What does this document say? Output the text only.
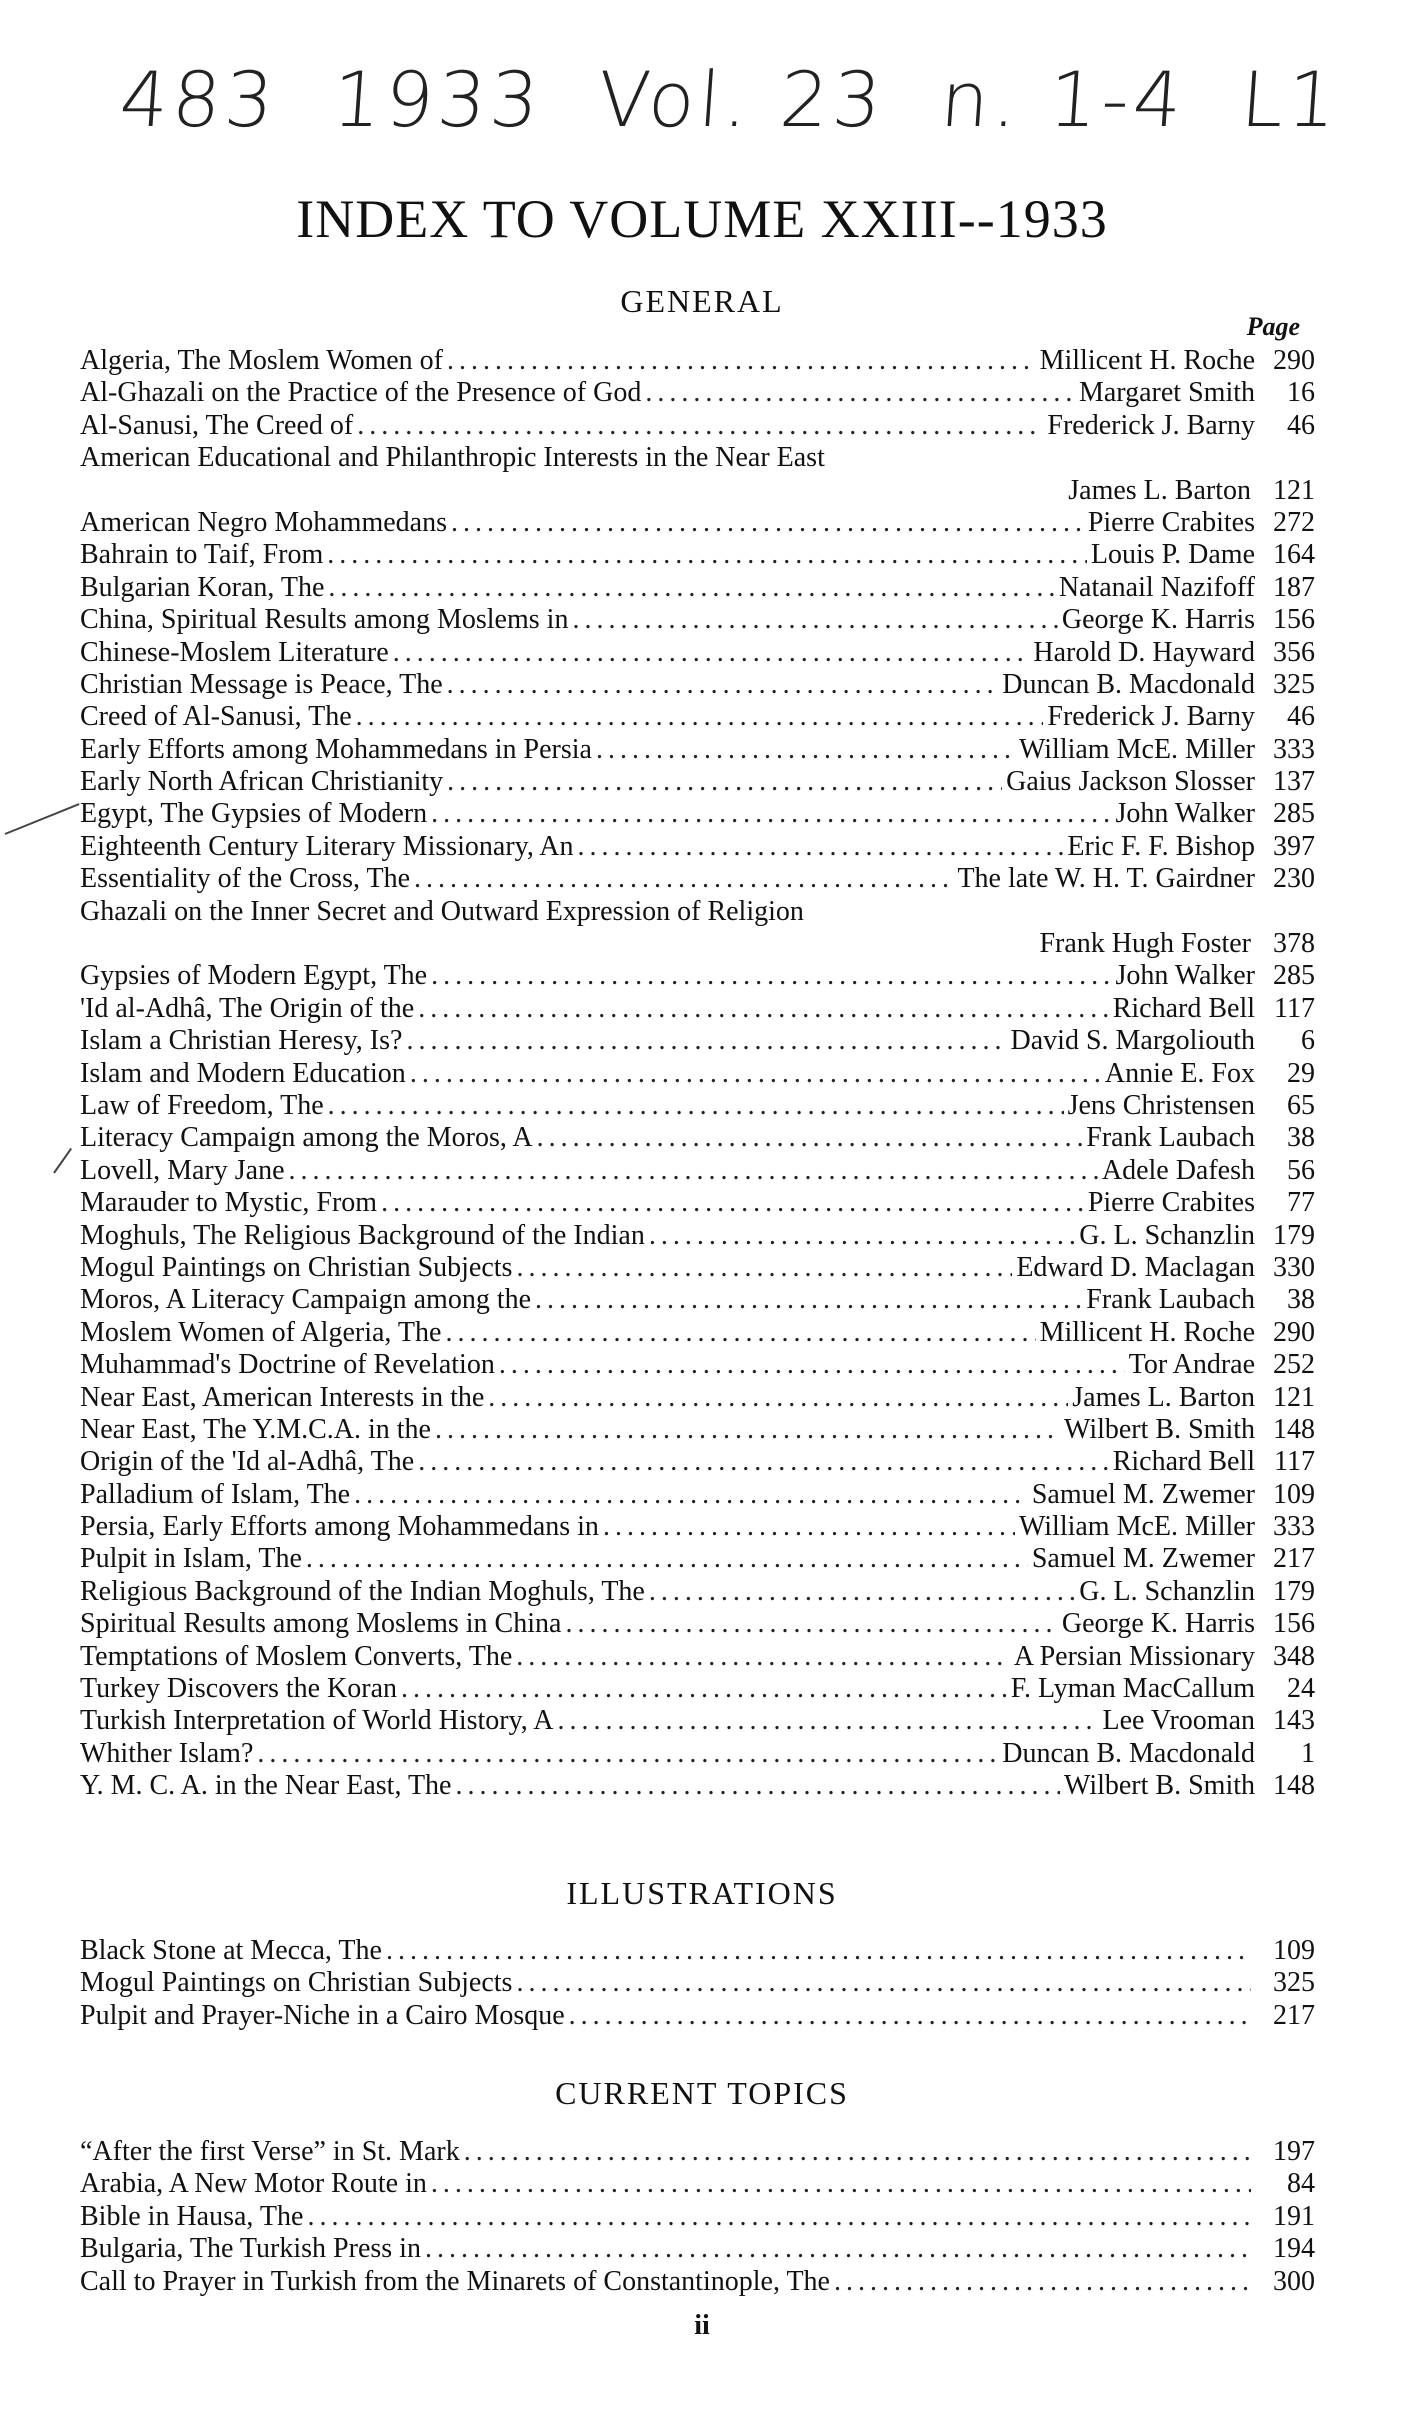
483 1933 Vol. 23 n. 1-4 L1
INDEX TO VOLUME XXIII--1933
GENERAL
Page
Algeria, The Moslem Women of . . .	Millicent H. Roche 290
Al-Ghazali on the Practice of the Presence of God . . .	Margaret Smith	16
Al-Sanusi, The Creed of . . .	Frederick J. Barny	46
American Educational and Philanthropic Interests in the Near East
James L. Barton 121
American Negro Mohammedans . . .	Pierre Crabites 272
Bahrain to Taif, From . . .	Louis P. Dame 164
Bulgarian Koran, The . . .	Natanail Nazifoff 187
China, Spiritual Results among Moslems in . . .	George K. Harris 156
Chinese-Moslem Literature . . .	Harold D. Hayward 356
Christian Message is Peace, The . . .	Duncan B. Macdonald 325
Creed of Al-Sanusi, The . . .	Frederick J. Barny	46
Early Efforts among Mohammedans in Persia . . .	William McE. Miller 333
Early North African Christianity . . .	Gaius Jackson Slosser 137
Egypt, The Gypsies of Modern . . .	John Walker 285
Eighteenth Century Literary Missionary, An . . .	Eric F. F. Bishop 397
Essentiality of the Cross, The . . .	The late W. H. T. Gairdner 230
Ghazali on the Inner Secret and Outward Expression of Religion
Frank Hugh Foster 378
Gypsies of Modern Egypt, The . . .	John Walker 285
'Id al-Adhâ, The Origin of the . . .	Richard Bell 117
Islam a Christian Heresy, Is? . . .	David S. Margoliouth	6
Islam and Modern Education . . .	Annie E. Fox	29
Law of Freedom, The . . .	Jens Christensen	65
Literacy Campaign among the Moros, A . . .	Frank Laubach	38
Lovell, Mary Jane . . .	Adele Dafesh	56
Marauder to Mystic, From . . .	Pierre Crabites	77
Moghuls, The Religious Background of the Indian . . .	G. L. Schanzlin 179
Mogul Paintings on Christian Subjects . . .	Edward D. Maclagan 330
Moros, A Literacy Campaign among the . . .	Frank Laubach	38
Moslem Women of Algeria, The . . .	Millicent H. Roche 290
Muhammad's Doctrine of Revelation . . .	Tor Andrae 252
Near East, American Interests in the . . .	James L. Barton 121
Near East, The Y.M.C.A. in the . . .	Wilbert B. Smith 148
Origin of the 'Id al-Adhâ, The . . .	Richard Bell 117
Palladium of Islam, The . . .	Samuel M. Zwemer 109
Persia, Early Efforts among Mohammedans in . . .	William McE. Miller 333
Pulpit in Islam, The . . .	Samuel M. Zwemer 217
Religious Background of the Indian Moghuls, The . . .	G. L. Schanzlin 179
Spiritual Results among Moslems in China . . .	George K. Harris 156
Temptations of Moslem Converts, The . . .	A Persian Missionary 348
Turkey Discovers the Koran . . .	F. Lyman MacCallum	24
Turkish Interpretation of World History, A . . .	Lee Vrooman 143
Whither Islam? . . .	Duncan B. Macdonald	1
Y. M. C. A. in the Near East, The . . .	Wilbert B. Smith 148
ILLUSTRATIONS
Black Stone at Mecca, The . . .	109
Mogul Paintings on Christian Subjects . . .	325
Pulpit and Prayer-Niche in a Cairo Mosque . . .	217
CURRENT TOPICS
“After the first Verse” in St. Mark . . .	197
Arabia, A New Motor Route in . . .	84
Bible in Hausa, The . . .	191
Bulgaria, The Turkish Press in . . .	194
Call to Prayer in Turkish from the Minarets of Constantinople, The . . .	300
ii
